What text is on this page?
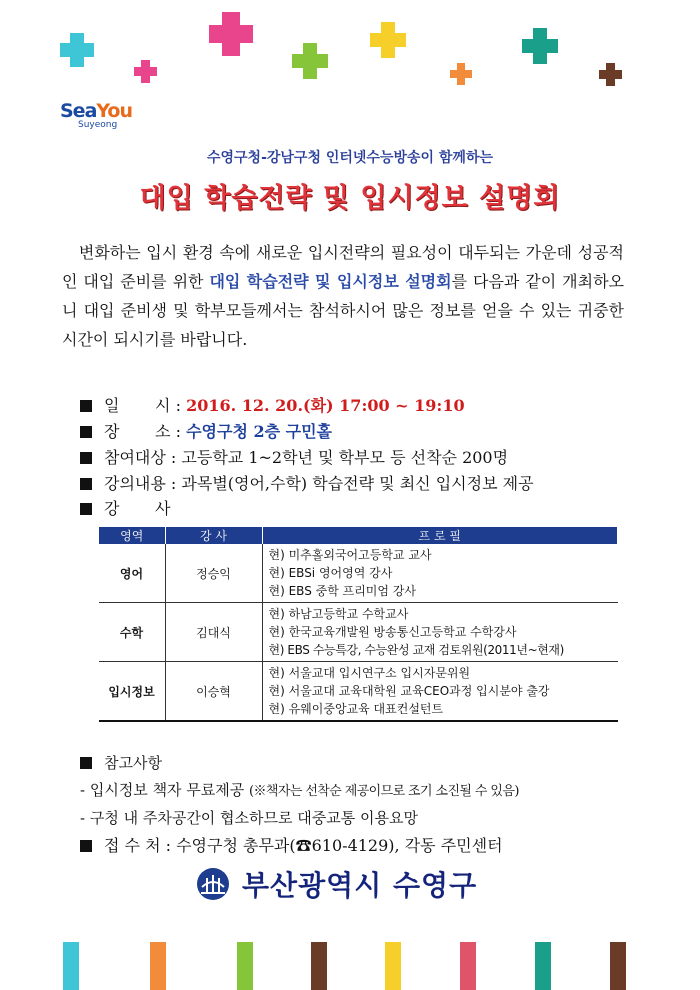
SeaYou
Suyeong
수영구청-강남구청 인터넷수능방송이 함께하는
대입 학습전략 및 입시정보 설명회
변화하는 입시 환경 속에 새로운 입시전략의 필요성이 대두되는 가운데 성공적인 대입 준비를 위한 대입 학습전략 및 입시정보 설명회를 다음과 같이 개최하오니 대입 준비생 및 학부모들께서는 참석하시어 많은 정보를 얻을 수 있는 귀중한 시간이 되시기를 바랍니다.
일       시 : 2016. 12. 20.(화) 17:00 ~ 19:10
장       소 : 수영구청 2층 구민홀
참여대상 : 고등학교 1~2학년 및 학부모 등 선착순 200명
강의내용 : 과목별(영어,수학) 학습전략 및 최신 입시정보 제공
강       사
영역	강 사	프 로 필
영어	정승익	현) 미추홀외국어고등학교 교사
현) EBSi 영어영역 강사
현) EBS 중학 프리미엄 강사

수학	김대식	현) 하남고등학교 수학교사
현) 한국교육개발원 방송통신고등학교 수학강사
현) EBS 수능특강, 수능완성 교재 검토위원(2011년~현재)

입시정보	이승혁	현) 서울교대 입시연구소 입시자문위원
현) 서울교대 교육대학원 교육CEO과정 입시분야 출강
현) 유웨이중앙교육 대표컨설턴트
참고사항
- 입시정보 책자 무료제공 (※책자는 선착순 제공이므로 조기 소진될 수 있음)
- 구청 내 주차공간이 협소하므로 대중교통 이용요망
접 수 처 : 수영구청 총무과(☎610-4129), 각동 주민센터
부산광역시 수영구
